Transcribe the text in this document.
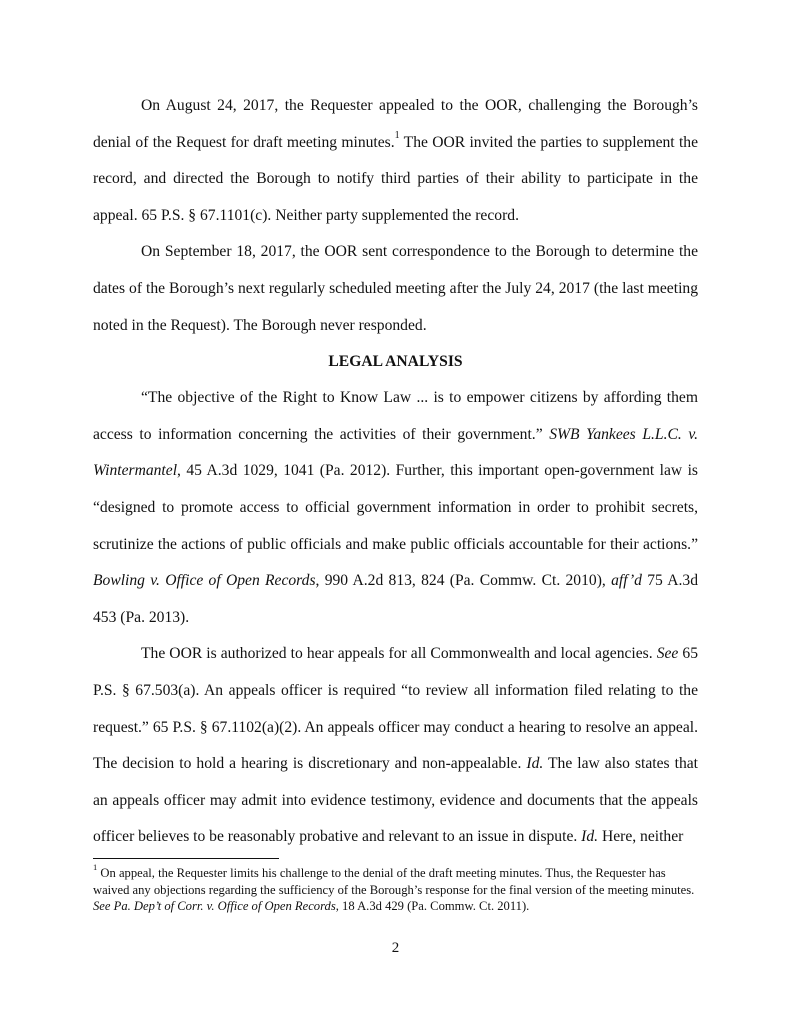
On August 24, 2017, the Requester appealed to the OOR, challenging the Borough’s denial of the Request for draft meeting minutes.$^1$ The OOR invited the parties to supplement the record, and directed the Borough to notify third parties of their ability to participate in the appeal. 65 P.S. § 67.1101(c). Neither party supplemented the record.

On September 18, 2017, the OOR sent correspondence to the Borough to determine the dates of the Borough’s next regularly scheduled meeting after the July 24, 2017 (the last meeting noted in the Request). The Borough never responded.

LEGAL ANALYSIS

“The objective of the Right to Know Law ... is to empower citizens by affording them access to information concerning the activities of their government.” SWB Yankees L.L.C. v. Wintermantel, 45 A.3d 1029, 1041 (Pa. 2012). Further, this important open-government law is “designed to promote access to official government information in order to prohibit secrets, scrutinize the actions of public officials and make public officials accountable for their actions.” Bowling v. Office of Open Records, 990 A.2d 813, 824 (Pa. Commw. Ct. 2010), aff’d 75 A.3d 453 (Pa. 2013).

The OOR is authorized to hear appeals for all Commonwealth and local agencies. See 65 P.S. § 67.503(a). An appeals officer is required “to review all information filed relating to the request.” 65 P.S. § 67.1102(a)(2). An appeals officer may conduct a hearing to resolve an appeal. The decision to hold a hearing is discretionary and non-appealable. Id. The law also states that an appeals officer may admit into evidence testimony, evidence and documents that the appeals officer believes to be reasonably probative and relevant to an issue in dispute. Id. Here, neither

$^1$ On appeal, the Requester limits his challenge to the denial of the draft meeting minutes. Thus, the Requester has waived any objections regarding the sufficiency of the Borough’s response for the final version of the meeting minutes. See Pa. Dep’t of Corr. v. Office of Open Records, 18 A.3d 429 (Pa. Commw. Ct. 2011).
2
